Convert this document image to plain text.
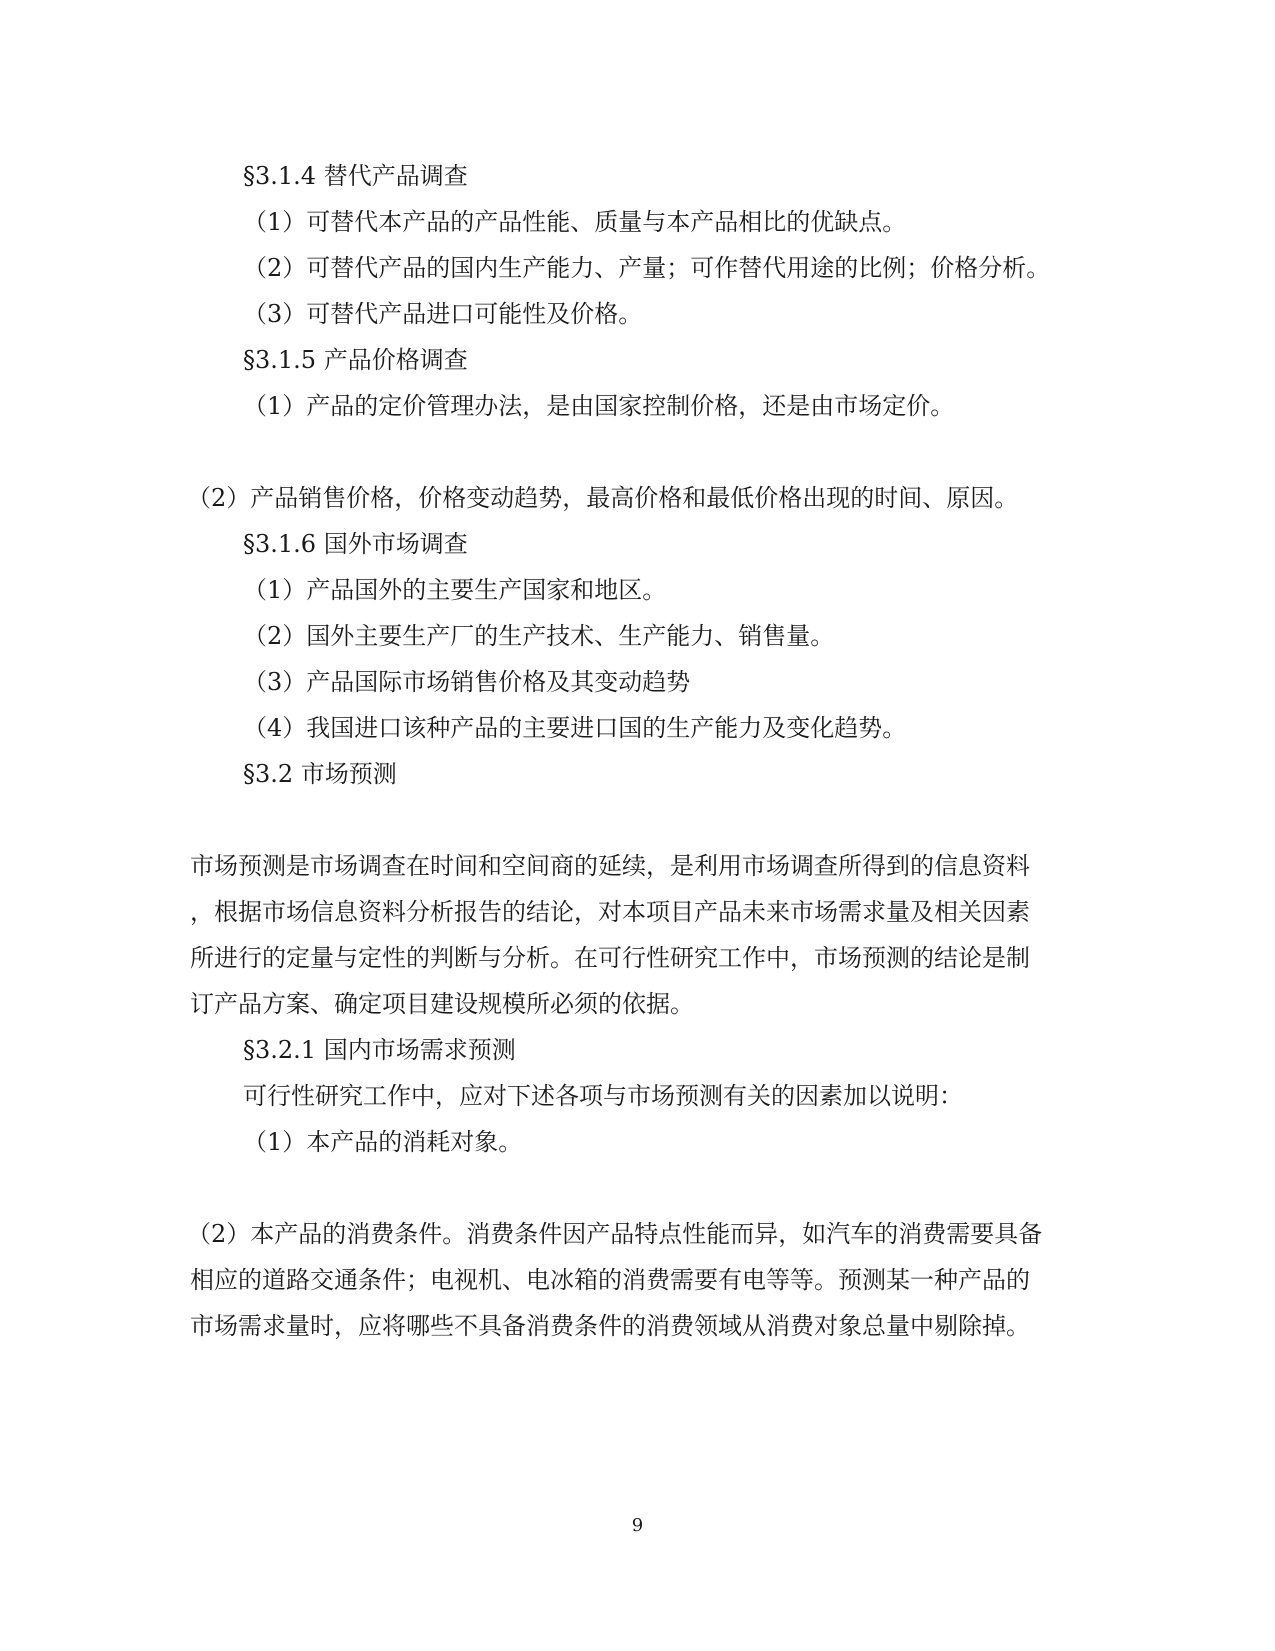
§3.1.4 替代产品调查
（1）可替代本产品的产品性能、质量与本产品相比的优缺点。
（2）可替代产品的国内生产能力、产量；可作替代用途的比例；价格分析。
（3）可替代产品进口可能性及价格。
§3.1.5 产品价格调查
（1）产品的定价管理办法，是由国家控制价格，还是由市场定价。
（2）产品销售价格，价格变动趋势，最高价格和最低价格出现的时间、原因。
§3.1.6 国外市场调查
（1）产品国外的主要生产国家和地区。
（2）国外主要生产厂的生产技术、生产能力、销售量。
（3）产品国际市场销售价格及其变动趋势
（4）我国进口该种产品的主要进口国的生产能力及变化趋势。
§3.2 市场预测
市场预测是市场调查在时间和空间商的延续，是利用市场调查所得到的信息资料
，根据市场信息资料分析报告的结论，对本项目产品未来市场需求量及相关因素
所进行的定量与定性的判断与分析。在可行性研究工作中，市场预测的结论是制
订产品方案、确定项目建设规模所必须的依据。
§3.2.1 国内市场需求预测
可行性研究工作中，应对下述各项与市场预测有关的因素加以说明：
（1）本产品的消耗对象。
（2）本产品的消费条件。消费条件因产品特点性能而异，如汽车的消费需要具备
相应的道路交通条件；电视机、电冰箱的消费需要有电等等。预测某一种产品的
市场需求量时，应将哪些不具备消费条件的消费领域从消费对象总量中剔除掉。
9
